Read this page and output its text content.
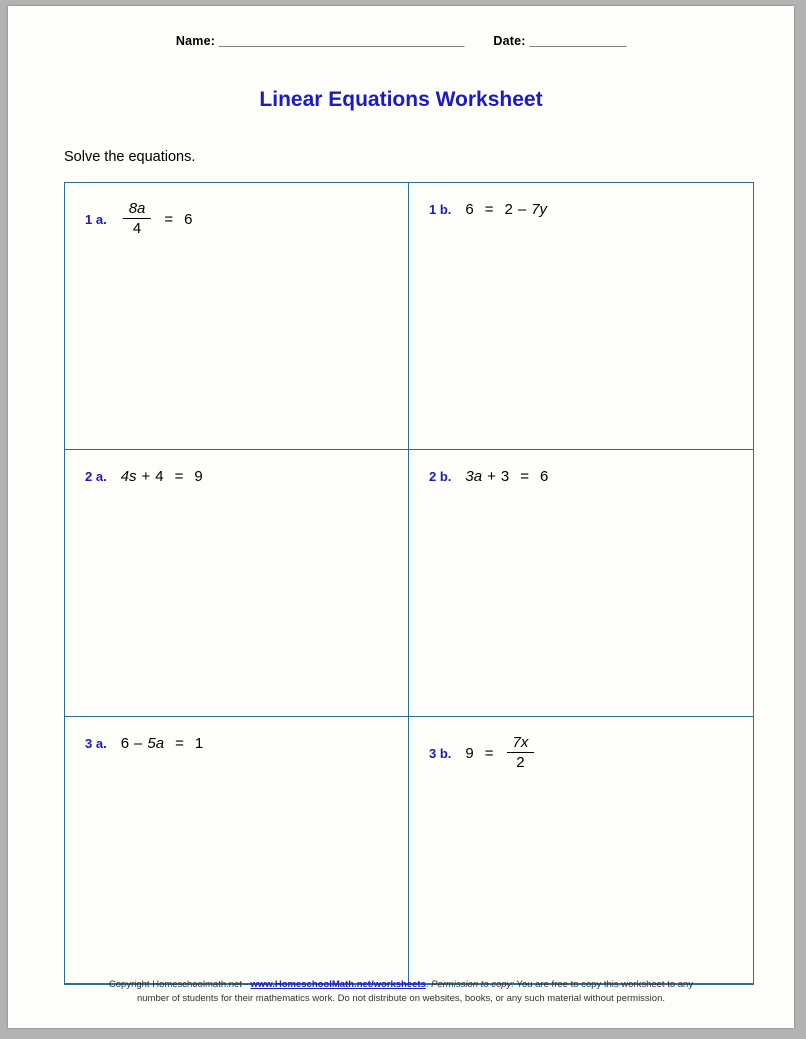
Name: ______________________________________ Date: _______________
Linear Equations Worksheet
Solve the equations.
1 a. $\frac{8a}{4} = 6$
1 b. 6 = 2 – 7y
2 a. 4s + 4 = 9	2 b. 3a + 3 = 6
3 a. 6 – 5a = 1
3 b. $9 = \frac{7x}{2}$
Copyright Homeschoolmath.net - www.HomeschoolMath.net/worksheets. Permission to copy: You are free to copy this worksheet to any
number of students for their mathematics work. Do not distribute on websites, books, or any such material without permission.
